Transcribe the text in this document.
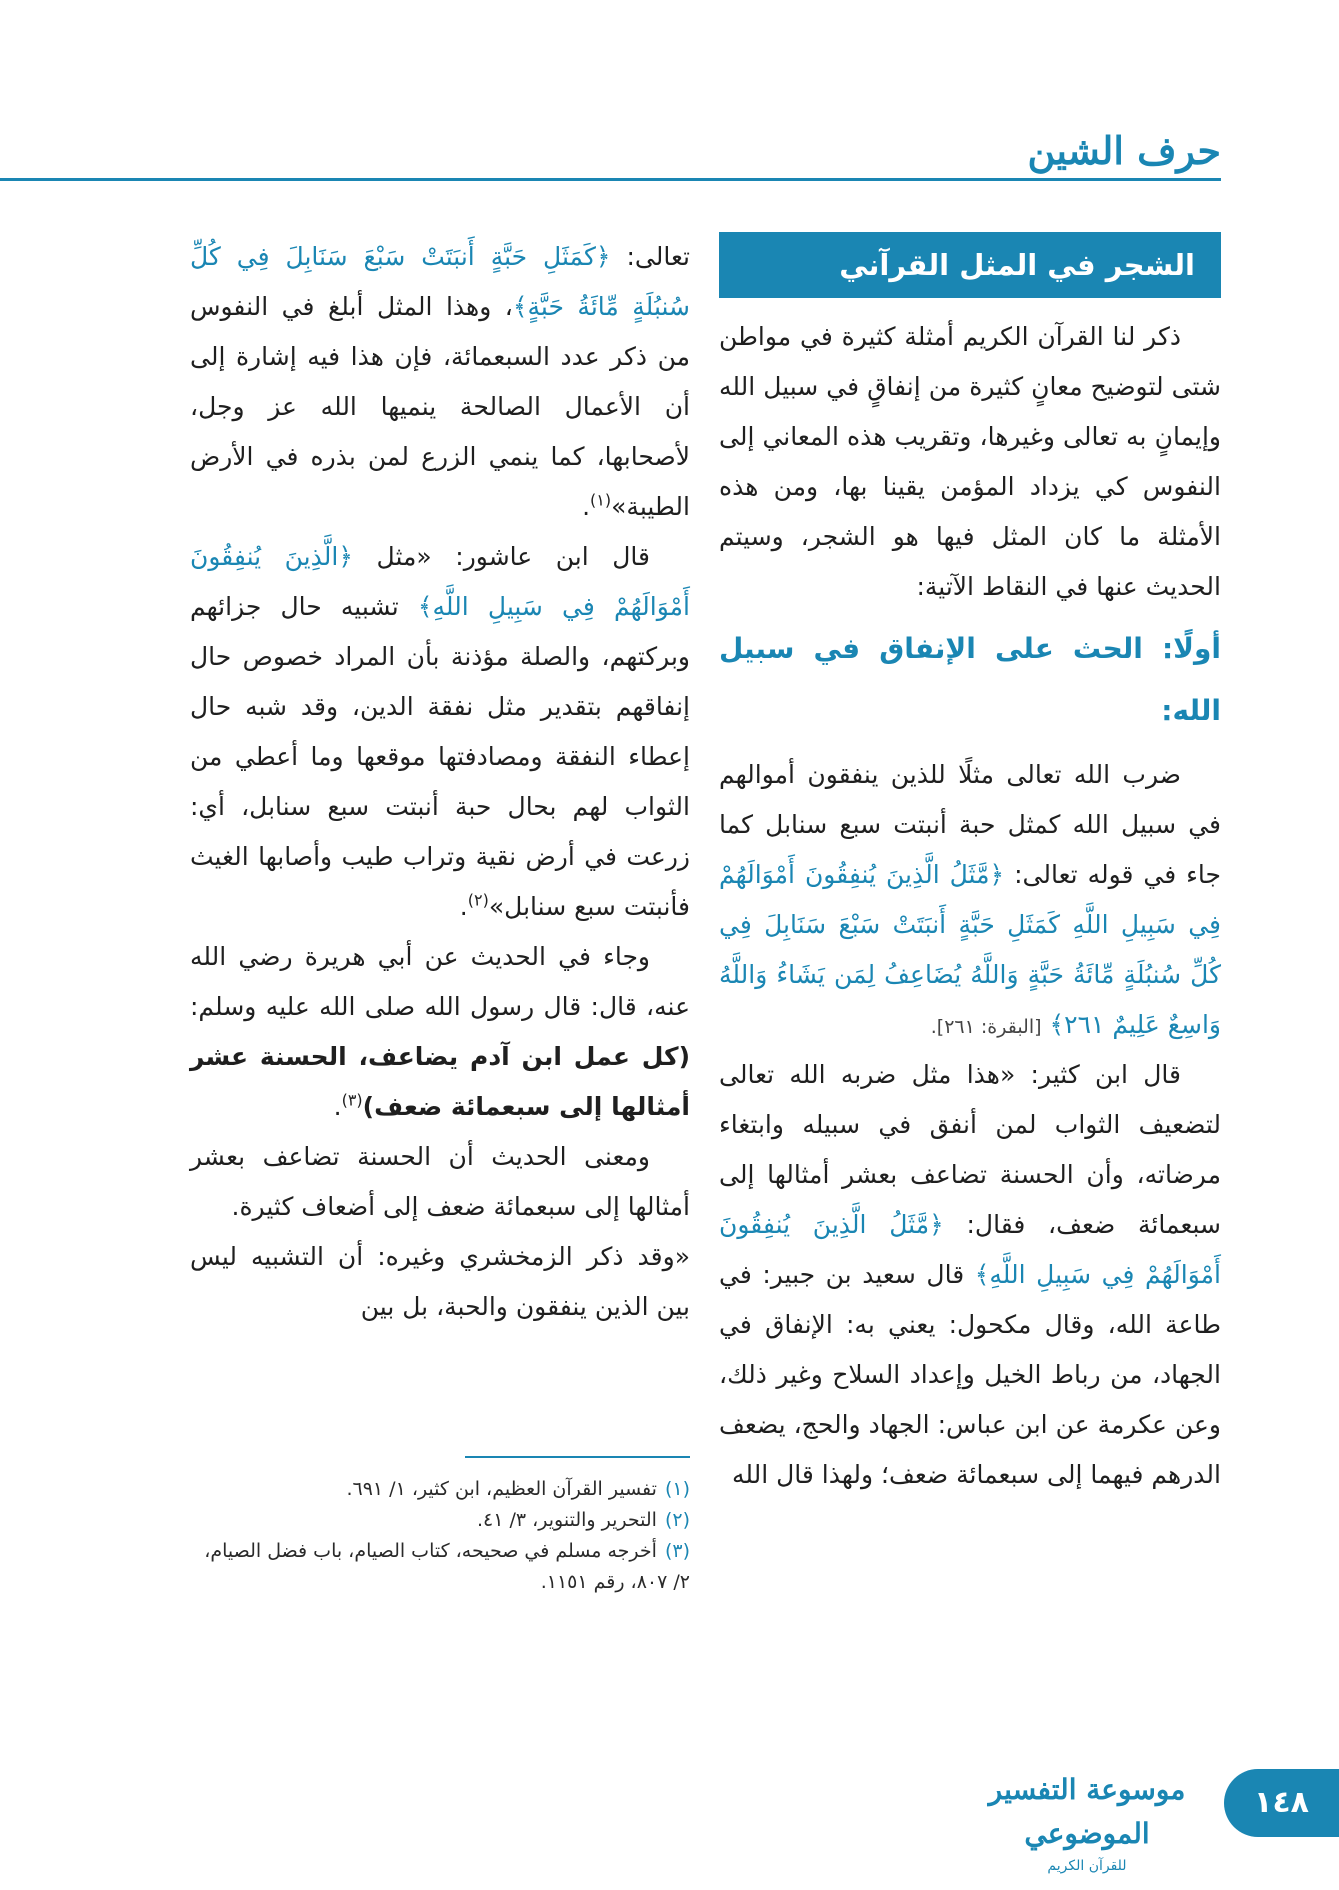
حرف الشين
الشجر في المثل القرآني

ذكر لنا القرآن الكريم أمثلة كثيرة في مواطن شتى لتوضيح معانٍ كثيرة من إنفاقٍ في سبيل الله وإيمانٍ به تعالى وغيرها، وتقريب هذه المعاني إلى النفوس كي يزداد المؤمن يقينا بها، ومن هذه الأمثلة ما كان المثل فيها هو الشجر، وسيتم الحديث عنها في النقاط الآتية:

أولًا: الحث على الإنفاق في سبيل الله:

ضرب الله تعالى مثلًا للذين ينفقون أموالهم في سبيل الله كمثل حبة أنبتت سبع سنابل كما جاء في قوله تعالى: ﴿مَّثَلُ الَّذِينَ يُنفِقُونَ أَمْوَالَهُمْ فِي سَبِيلِ اللَّهِ كَمَثَلِ حَبَّةٍ أَنبَتَتْ سَبْعَ سَنَابِلَ فِي كُلِّ سُنبُلَةٍ مِّائَةُ حَبَّةٍ وَاللَّهُ يُضَاعِفُ لِمَن يَشَاءُ وَاللَّهُ وَاسِعٌ عَلِيمٌ ٢٦١﴾ [البقرة: ٢٦١].

قال ابن كثير: «هذا مثل ضربه الله تعالى لتضعيف الثواب لمن أنفق في سبيله وابتغاء مرضاته، وأن الحسنة تضاعف بعشر أمثالها إلى سبعمائة ضعف، فقال: ﴿مَّثَلُ الَّذِينَ يُنفِقُونَ أَمْوَالَهُمْ فِي سَبِيلِ اللَّهِ﴾ قال سعيد بن جبير: في طاعة الله، وقال مكحول: يعني به: الإنفاق في الجهاد، من رباط الخيل وإعداد السلاح وغير ذلك، وعن عكرمة عن ابن عباس: الجهاد والحج، يضعف الدرهم فيهما إلى سبعمائة ضعف؛ ولهذا قال الله

تعالى: ﴿كَمَثَلِ حَبَّةٍ أَنبَتَتْ سَبْعَ سَنَابِلَ فِي كُلِّ سُنبُلَةٍ مِّائَةُ حَبَّةٍ﴾، وهذا المثل أبلغ في النفوس من ذكر عدد السبعمائة، فإن هذا فيه إشارة إلى أن الأعمال الصالحة ينميها الله عز وجل، لأصحابها، كما ينمي الزرع لمن بذره في الأرض الطيبة»$^{(١)}$.

قال ابن عاشور: «مثل ﴿الَّذِينَ يُنفِقُونَ أَمْوَالَهُمْ فِي سَبِيلِ اللَّهِ﴾ تشبيه حال جزائهم وبركتهم، والصلة مؤذنة بأن المراد خصوص حال إنفاقهم بتقدير مثل نفقة الدين، وقد شبه حال إعطاء النفقة ومصادفتها موقعها وما أعطي من الثواب لهم بحال حبة أنبتت سبع سنابل، أي: زرعت في أرض نقية وتراب طيب وأصابها الغيث فأنبتت سبع سنابل»$^{(٢)}$.

وجاء في الحديث عن أبي هريرة رضي الله عنه، قال: قال رسول الله صلى الله عليه وسلم: (كل عمل ابن آدم يضاعف، الحسنة عشر أمثالها إلى سبعمائة ضعف)$^{(٣)}$.

ومعنى الحديث أن الحسنة تضاعف بعشر أمثالها إلى سبعمائة ضعف إلى أضعاف كثيرة.

«وقد ذكر الزمخشري وغيره: أن التشبيه ليس بين الذين ينفقون والحبة، بل بين

(١)تفسير القرآن العظيم، ابن كثير، ١/ ٦٩١.
(٢)التحرير والتنوير، ٣/ ٤١.
(٣)أخرجه مسلم في صحيحه، كتاب الصيام، باب فضل الصيام، ٢/ ٨٠٧، رقم ١١٥١.
١٤٨
موسوعة التفسير الموضوعي
للقرآن الكريم
